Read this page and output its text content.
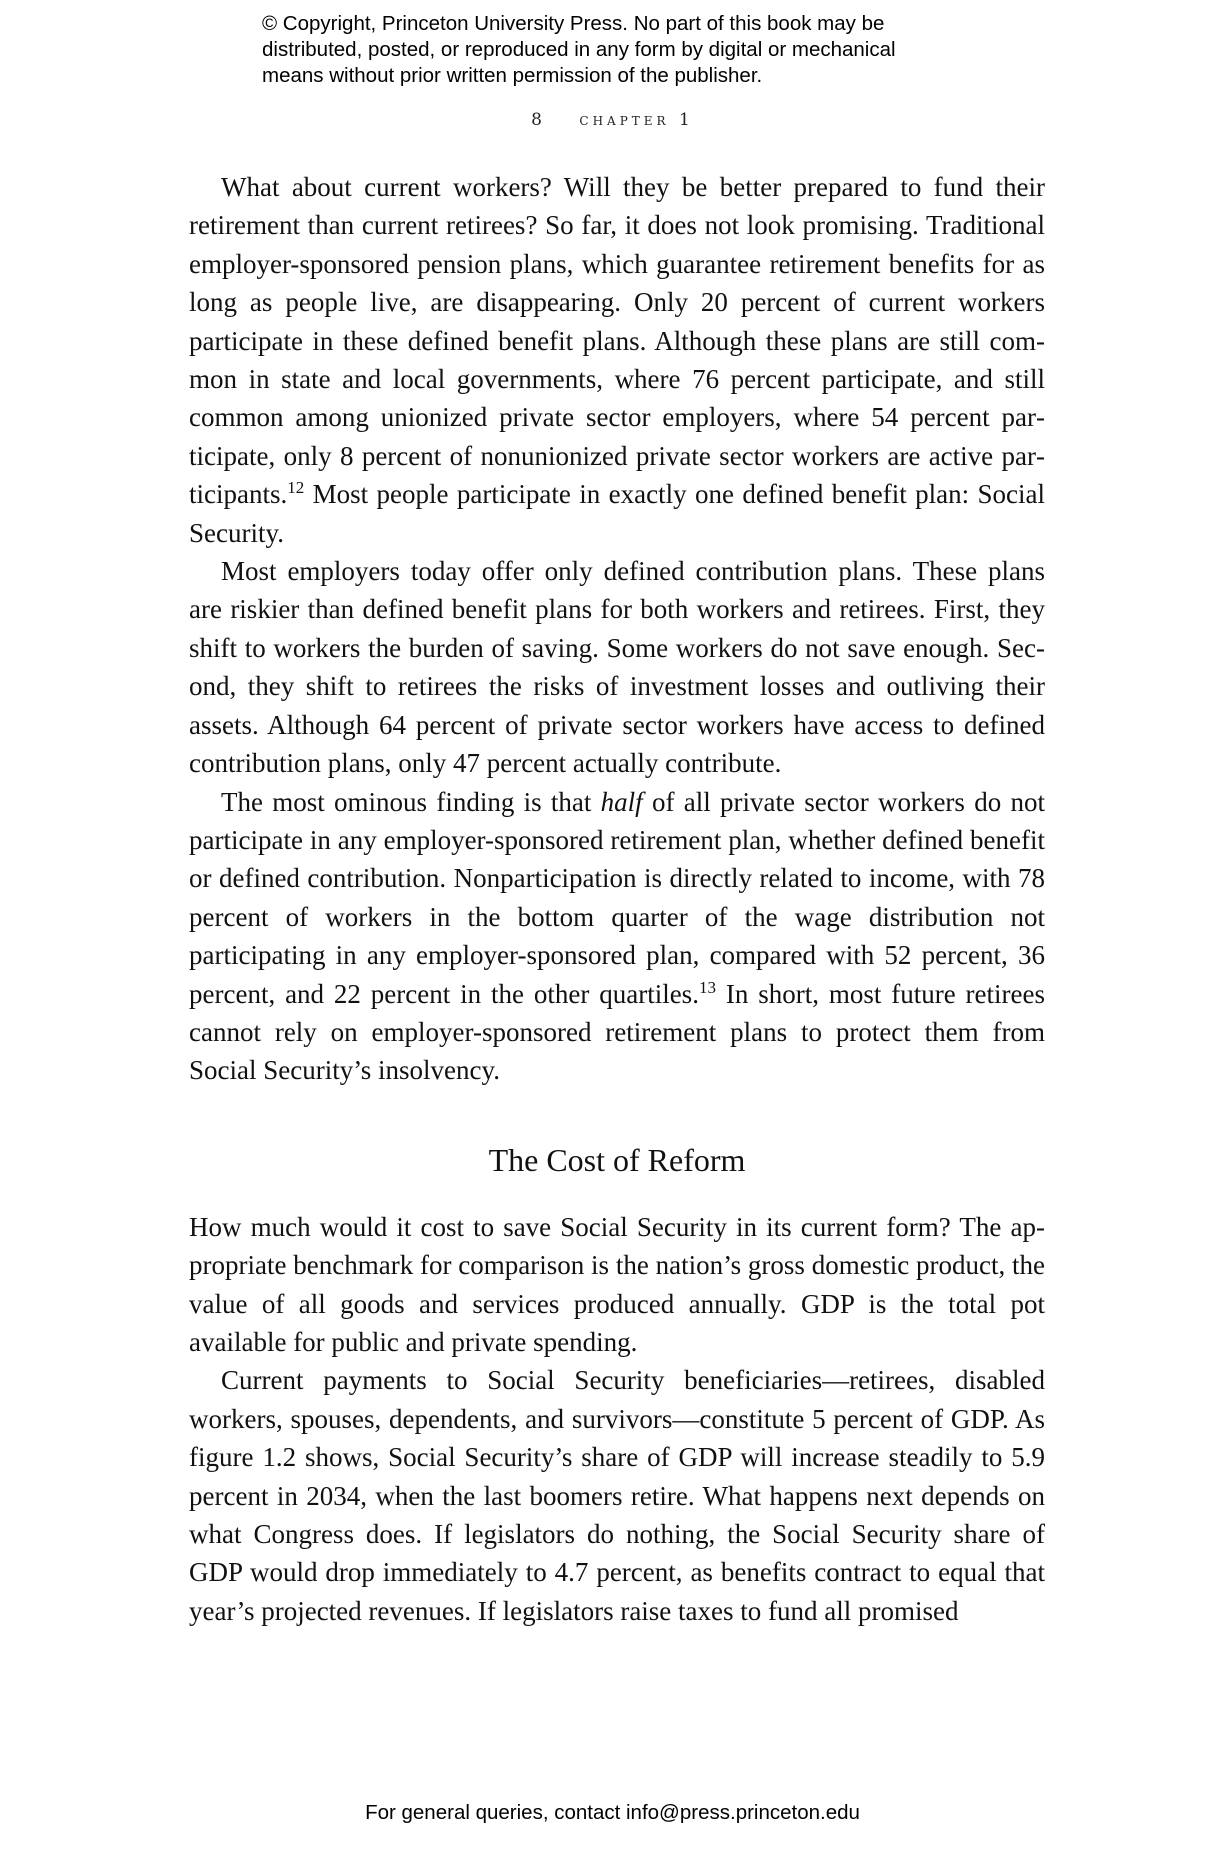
© Copyright, Princeton University Press. No part of this book may be
distributed, posted, or reproduced in any form by digital or mechanical
means without prior written permission of the publisher.
8 chapter 1

What about current workers? Will they be better prepared to fund their retirement than current retirees? So far, it does not look promising. Traditional employer-sponsored pension plans, which guarantee retirement benefits for as long as people live, are disappearing. Only 20 percent of current workers participate in these defined benefit plans. Although these plans are still common in state and local governments, where 76 percent participate, and still common among unionized private sector employers, where 54 percent participate, only 8 percent of nonunionized private sector workers are active participants.$^{12}$ Most people participate in exactly one defined benefit plan: Social Security.

Most employers today offer only defined contribution plans. These plans are riskier than defined benefit plans for both workers and retirees. First, they shift to workers the burden of saving. Some workers do not save enough. Second, they shift to retirees the risks of investment losses and outliving their assets. Although 64 percent of private sector workers have access to defined contribution plans, only 47 percent actually contribute.

The most ominous finding is that half of all private sector workers do not participate in any employer-sponsored retirement plan, whether defined benefit or defined contribution. Nonparticipation is directly related to income, with 78 percent of workers in the bottom quarter of the wage distribution not participating in any employer-sponsored plan, compared with 52 percent, 36 percent, and 22 percent in the other quartiles.$^{13}$ In short, most future retirees cannot rely on employer-sponsored retirement plans to protect them from Social Security’s insolvency.

The Cost of Reform

How much would it cost to save Social Security in its current form? The appropriate benchmark for comparison is the nation’s gross domestic product, the value of all goods and services produced annually. GDP is the total pot available for public and private spending.

Current payments to Social Security beneficiaries—retirees, disabled workers, spouses, dependents, and survivors—constitute 5 percent of GDP. As figure 1.2 shows, Social Security’s share of GDP will increase steadily to 5.9 percent in 2034, when the last boomers retire. What happens next depends on what Congress does. If legislators do nothing, the Social Security share of GDP would drop immediately to 4.7 percent, as benefits contract to equal that year’s projected revenues. If legislators raise taxes to fund all promised

For general queries, contact info@press.princeton.edu
